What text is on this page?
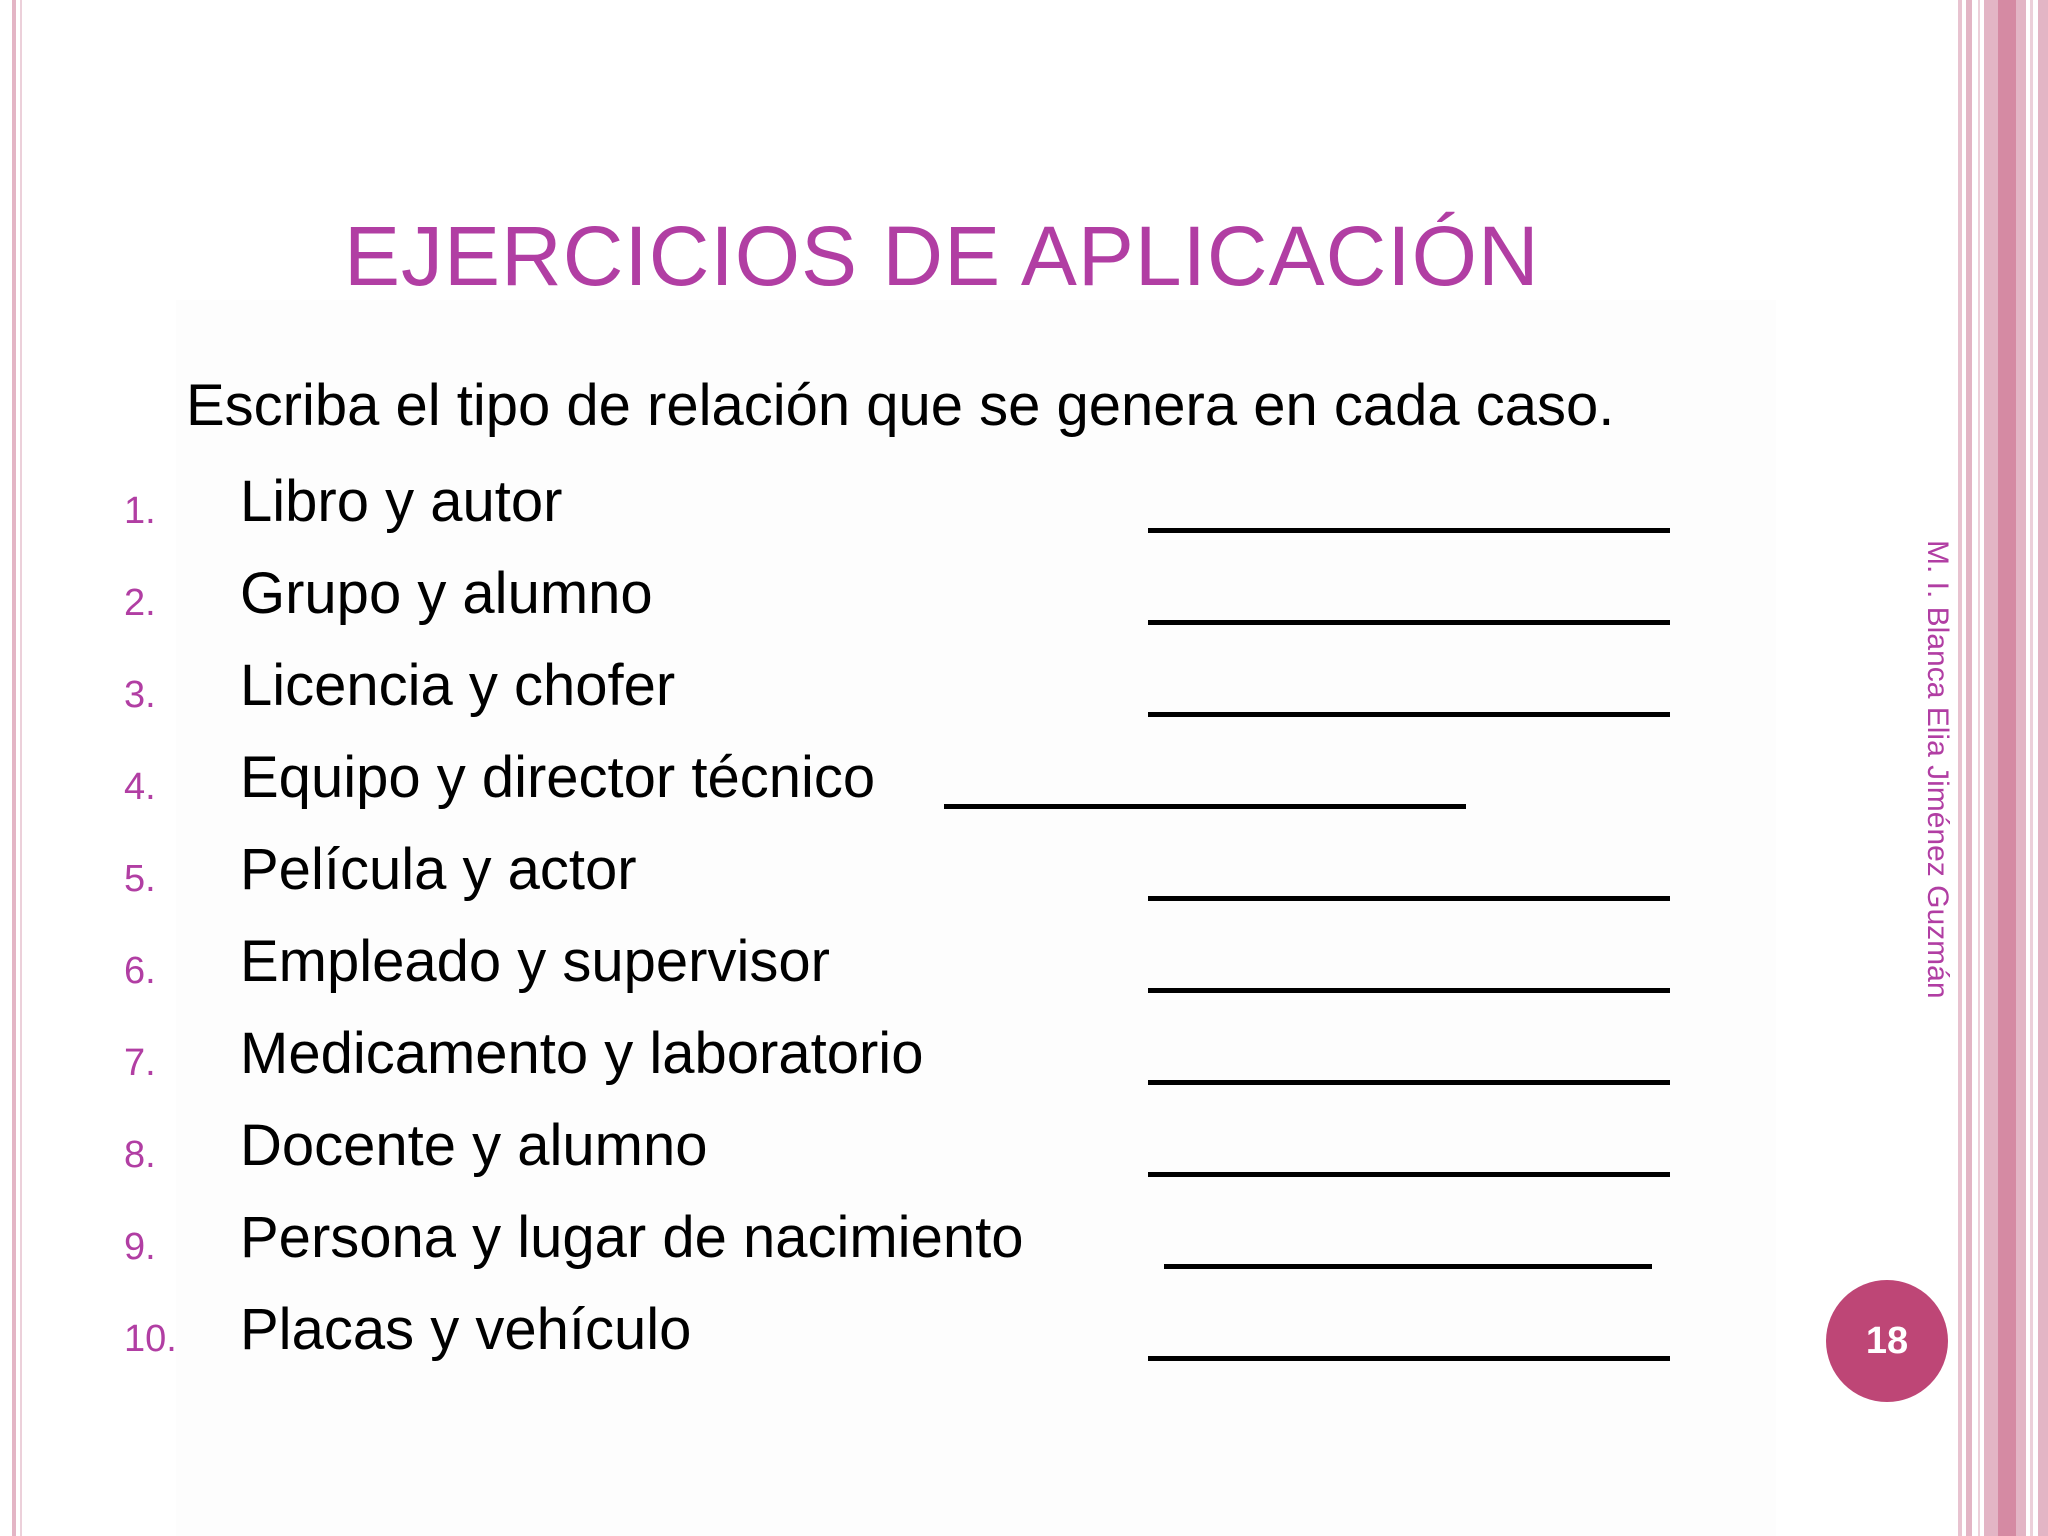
EJERCICIOS DE APLICACIÓN
Escriba el tipo de relación que se genera en cada caso.
1. Libro y autor
2. Grupo y alumno
3. Licencia y chofer
4. Equipo y director técnico
5. Película y actor
6. Empleado y supervisor
7. Medicamento y laboratorio
8. Docente y alumno
9. Persona y lugar de nacimiento
10. Placas y vehículo
M. I. Blanca Elia Jiménez Guzmán
18
